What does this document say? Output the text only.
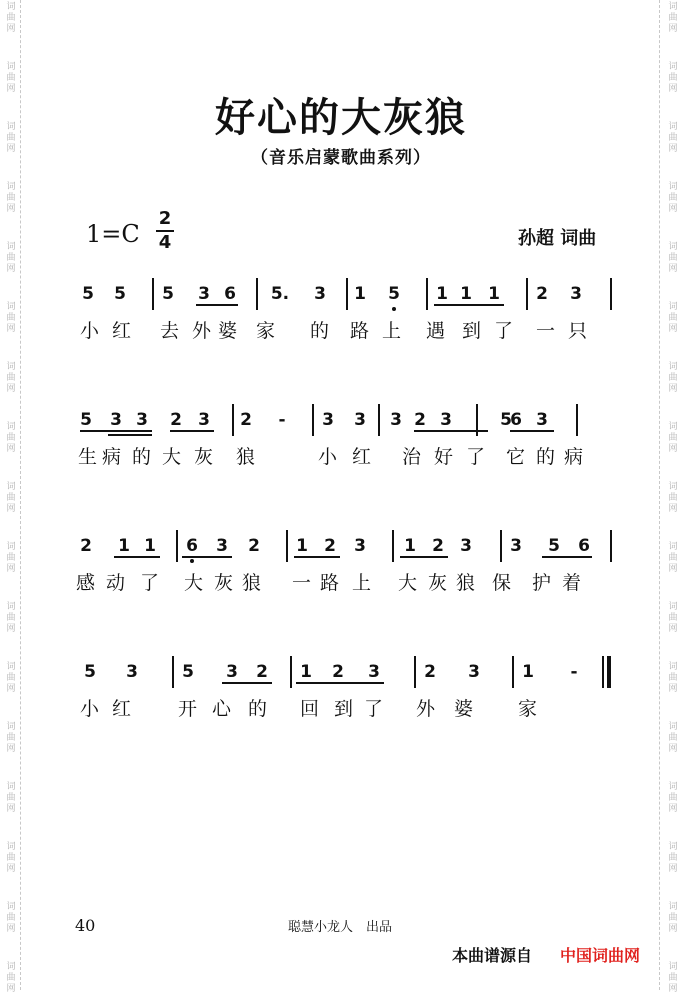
词
曲
网
词
曲
网
词
曲
网
词
曲
网
词
曲
网
词
曲
网
词
曲
网
词
曲
网
词
曲
网
词
曲
网
词
曲
网
词
曲
网
词
曲
网
词
曲
网
词
曲
网
词
曲
网
词
曲
网
词
曲
网
词
曲
网
词
曲
网
词
曲
网
词
曲
网
词
曲
网
词
曲
网
词
曲
网
词
曲
网
词
曲
网
词
曲
网
词
曲
网
词
曲
网
词
曲
网
词
曲
网
词
曲
网
词
曲
网
好心的大灰狼
（音乐启蒙歌曲系列）
1=C
2
4	孙超 词曲
5 5 5 3 6 5. 3 1 5 1 1 1 2 3
小 红 去 外 婆 家 的 路 上 遇 到 了 一 只
5 3 3 2 3 2 - 3 3 3 2 3	5
6 3
生 病 的 大 灰 狼	小 红 治 好 了 它 的 病
2 1 1 6 3 2 1 2 3 1 2 3 3 5 6
感 动 了 大 灰 狼 一 路 上 大 灰 狼 保 护 着
5 3	5 3 2 1 2 3	2 3 1 -
小 红 开 心 的 回 到 了 外 婆 家
40	聪慧小龙人　出品
本曲谱源自 中国词曲网
